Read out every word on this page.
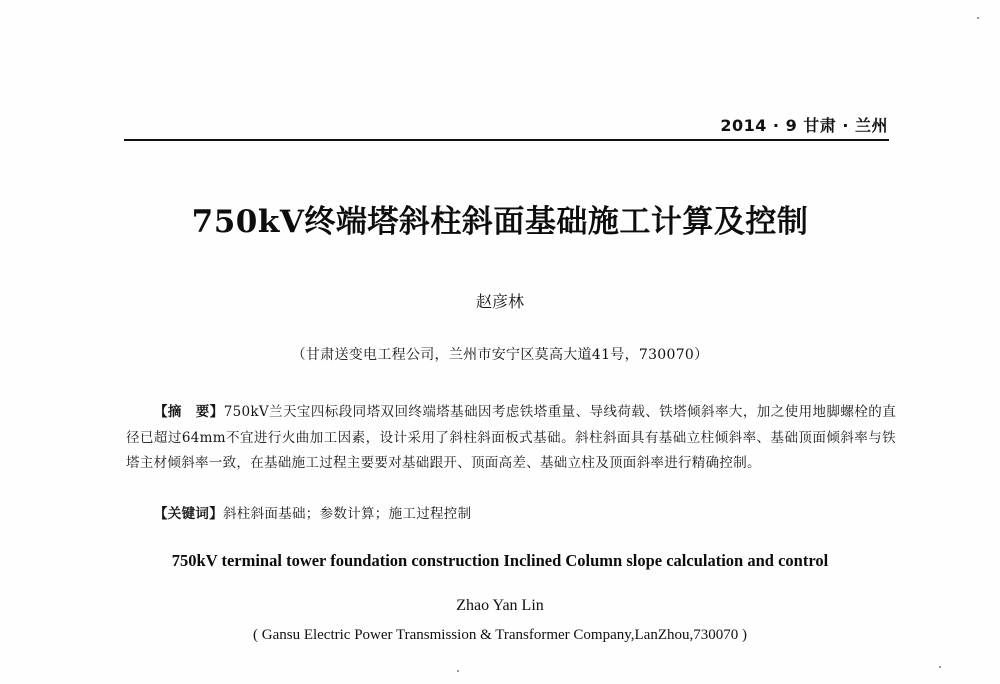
2014 · 9 甘肃 · 兰州
750kV终端塔斜柱斜面基础施工计算及控制
赵彦林
（甘肃送变电工程公司，兰州市安宁区莫高大道41号，730070）
【摘　要】750kV兰天宝四标段同塔双回终端塔基础因考虑铁塔重量、导线荷载、铁塔倾斜率大，加之使用地脚螺栓的直径已超过64mm不宜进行火曲加工因素，设计采用了斜柱斜面板式基础。斜柱斜面具有基础立柱倾斜率、基础顶面倾斜率与铁塔主材倾斜率一致，在基础施工过程主要要对基础跟开、顶面高差、基础立柱及顶面斜率进行精确控制。
【关键词】斜柱斜面基础；参数计算；施工过程控制
750kV terminal tower foundation construction Inclined Column slope calculation and control
Zhao Yan Lin
( Gansu Electric Power Transmission & Transformer Company,LanZhou,730070 )
